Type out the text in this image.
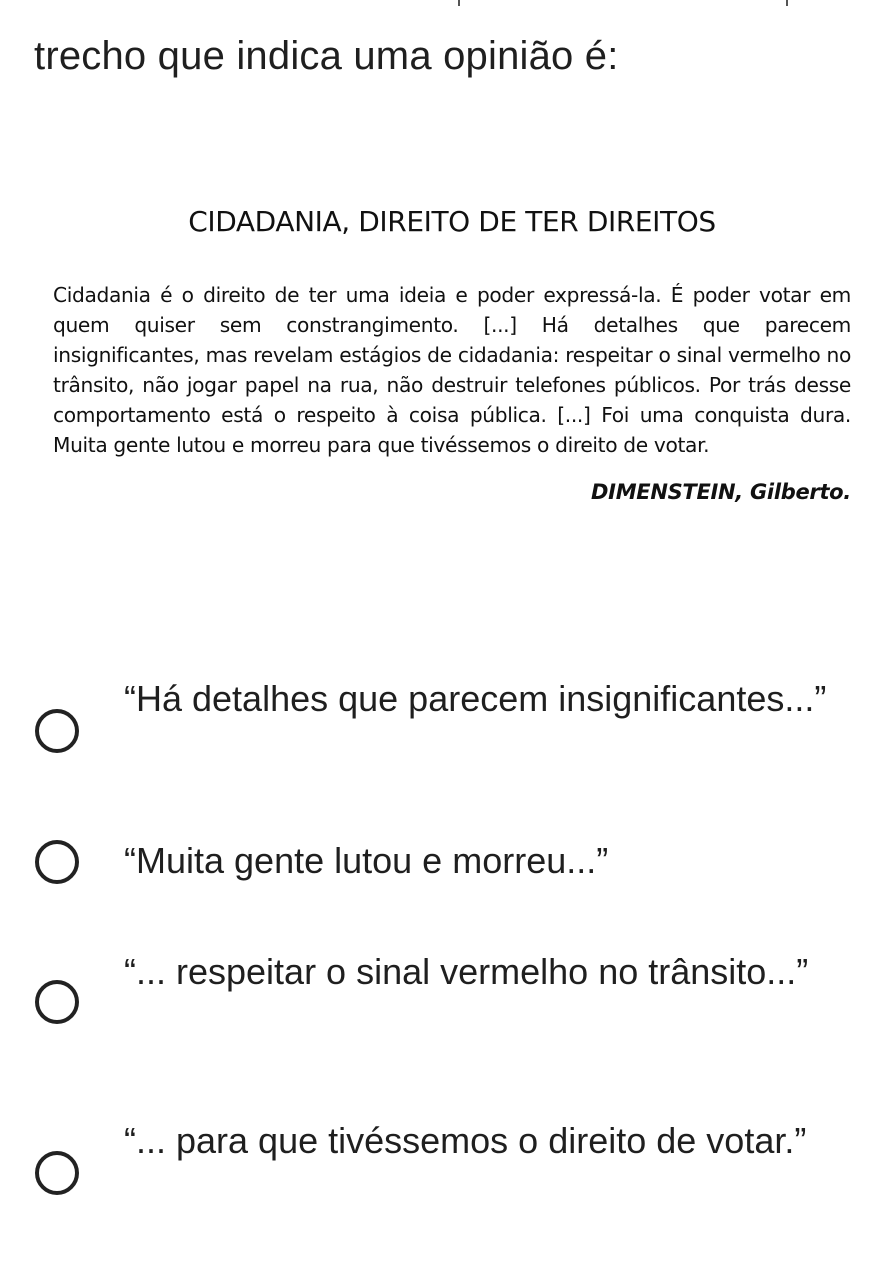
trecho que indica uma opinião é:
CIDADANIA, DIREITO DE TER DIREITOS

Cidadania é o direito de ter uma ideia e poder expressá-la. É poder votar em quem quiser sem constrangimento. [...] Há detalhes que parecem insignificantes, mas revelam estágios de cidadania: respeitar o sinal vermelho no trânsito, não jogar papel na rua, não destruir telefones públicos. Por trás desse comportamento está o respeito à coisa pública. [...] Foi uma conquista dura. Muita gente lutou e morreu para que tivéssemos o direito de votar.

DIMENSTEIN, Gilberto.
“Há detalhes que parecem insignificantes...”
“Muita gente lutou e morreu...”
“... respeitar o sinal vermelho no trânsito...”
“... para que tivéssemos o direito de votar.”
